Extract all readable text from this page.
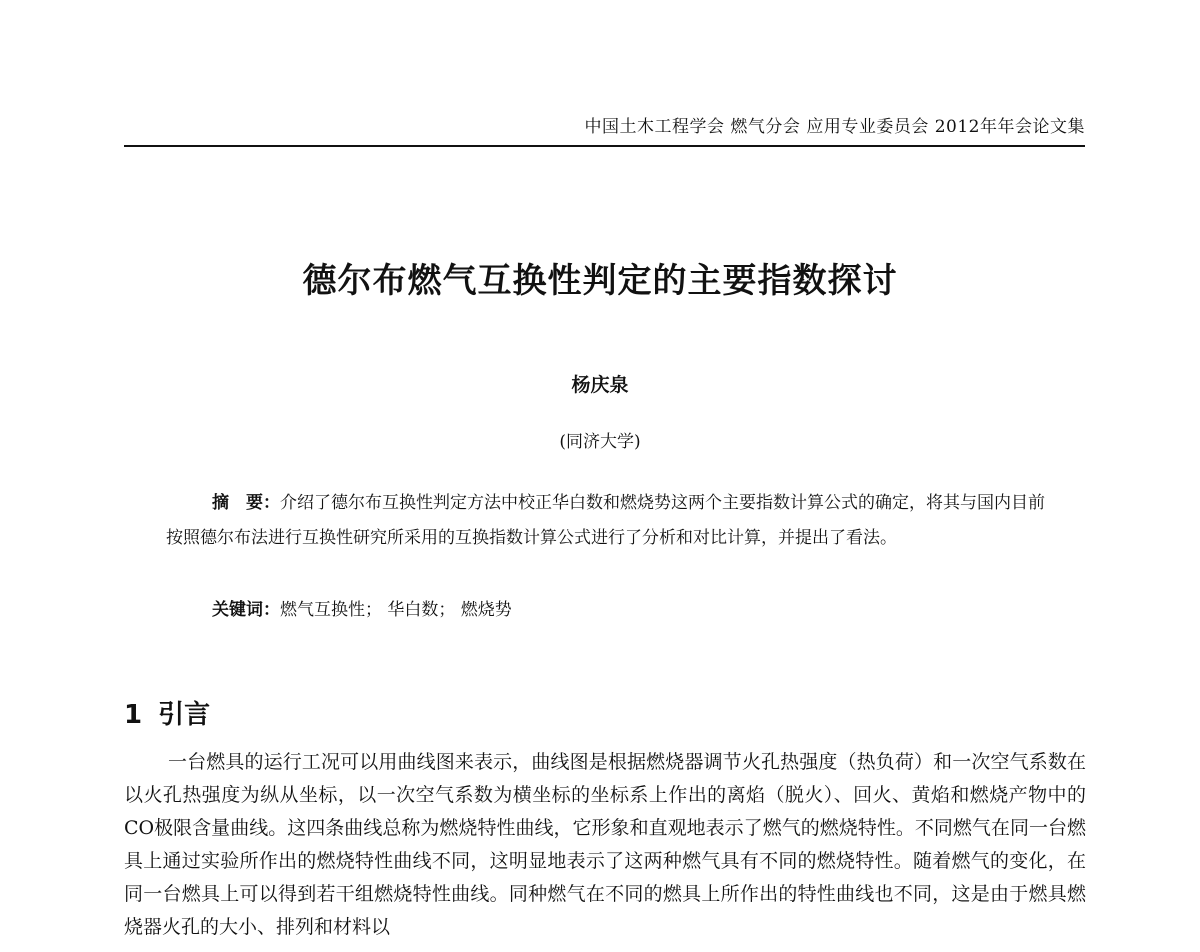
中国土木工程学会 燃气分会 应用专业委员会 2012年年会论文集
德尔布燃气互换性判定的主要指数探讨
杨庆泉
(同济大学)
摘　要：介绍了德尔布互换性判定方法中校正华白数和燃烧势这两个主要指数计算公式的确定，将其与国内目前按照德尔布法进行互换性研究所采用的互换指数计算公式进行了分析和对比计算，并提出了看法。
关键词：燃气互换性； 华白数； 燃烧势
1 引言
一台燃具的运行工况可以用曲线图来表示，曲线图是根据燃烧器调节火孔热强度（热负荷）和一次空气系数在以火孔热强度为纵从坐标，以一次空气系数为横坐标的坐标系上作出的离焰（脱火）、回火、黄焰和燃烧产物中的CO极限含量曲线。这四条曲线总称为燃烧特性曲线，它形象和直观地表示了燃气的燃烧特性。不同燃气在同一台燃具上通过实验所作出的燃烧特性曲线不同，这明显地表示了这两种燃气具有不同的燃烧特性。随着燃气的变化，在同一台燃具上可以得到若干组燃烧特性曲线。同种燃气在不同的燃具上所作出的特性曲线也不同，这是由于燃具燃烧器火孔的大小、排列和材料以
